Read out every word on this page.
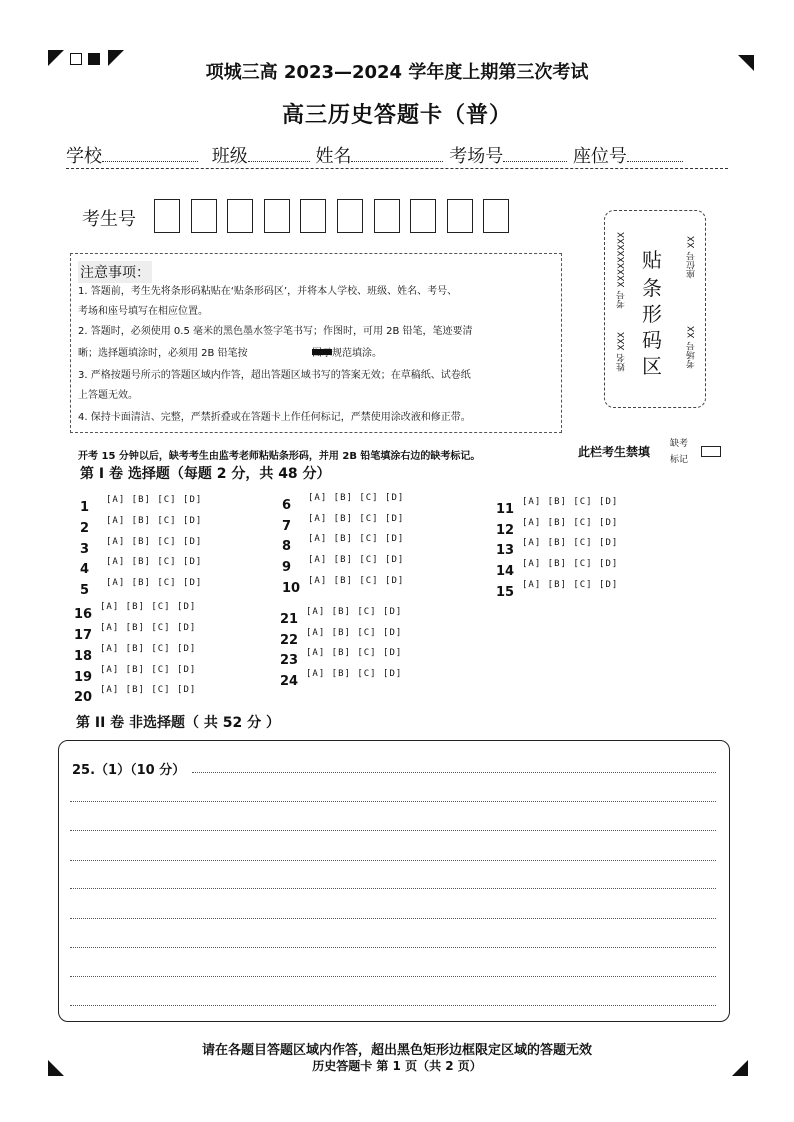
项城三高 2023—2024 学年度上期第三次考试
高三历史答题卡（普）
学校	班级	姓名	考场号	座位号
考生号
注意事项：
1. 答题前，考生先将条形码粘贴在‘贴条形码区’，并将本人学校、班级、姓名、考号、
考场和座号填写在相应位置。
2. 答题时，必须使用 0.5 毫米的黑色墨水签字笔书写；作图时，可用 2B 铅笔，笔迹要清
晰；选择题填涂时，必须用 2B 铅笔按	图示规范填涂。
3. 严格按题号所示的答题区域内作答，超出答题区域书写的答案无效；在草稿纸、试卷纸
上答题无效。
4. 保持卡面清洁、完整，严禁折叠或在答题卡上作任何标记，严禁使用涂改液和修正带。
贴
条
形
码
区
考号 XXXXXXXXX
姓名 XXX
座位号 XX
考场号 XX
开考 15 分钟以后，缺考考生由监考老师粘贴条形码，并用 2B 铅笔填涂右边的缺考标记。	此栏考生禁填
缺考标记
第 I 卷 选择题（每题 2 分，共 48 分）
1 [A] [B] [C] [D]
2 [A] [B] [C] [D]
3 [A] [B] [C] [D]
4 [A] [B] [C] [D]
5 [A] [B] [C] [D]
6 [A] [B] [C] [D]
7 [A] [B] [C] [D]
8 [A] [B] [C] [D]
9 [A] [B] [C] [D]
10 [A] [B] [C] [D]
11 [A] [B] [C] [D]
12 [A] [B] [C] [D]
13 [A] [B] [C] [D]
14 [A] [B] [C] [D]
15 [A] [B] [C] [D]
16 [A] [B] [C] [D]
17 [A] [B] [C] [D]
18 [A] [B] [C] [D]
19 [A] [B] [C] [D]
20 [A] [B] [C] [D]
21 [A] [B] [C] [D]
22 [A] [B] [C] [D]
23 [A] [B] [C] [D]
24 [A] [B] [C] [D]
第 II 卷 非选择题（ 共 52 分 ）
25.（1）（10 分）
请在各题目答题区域内作答，超出黑色矩形边框限定区域的答题无效
历史答题卡 第 1 页（共 2 页）
